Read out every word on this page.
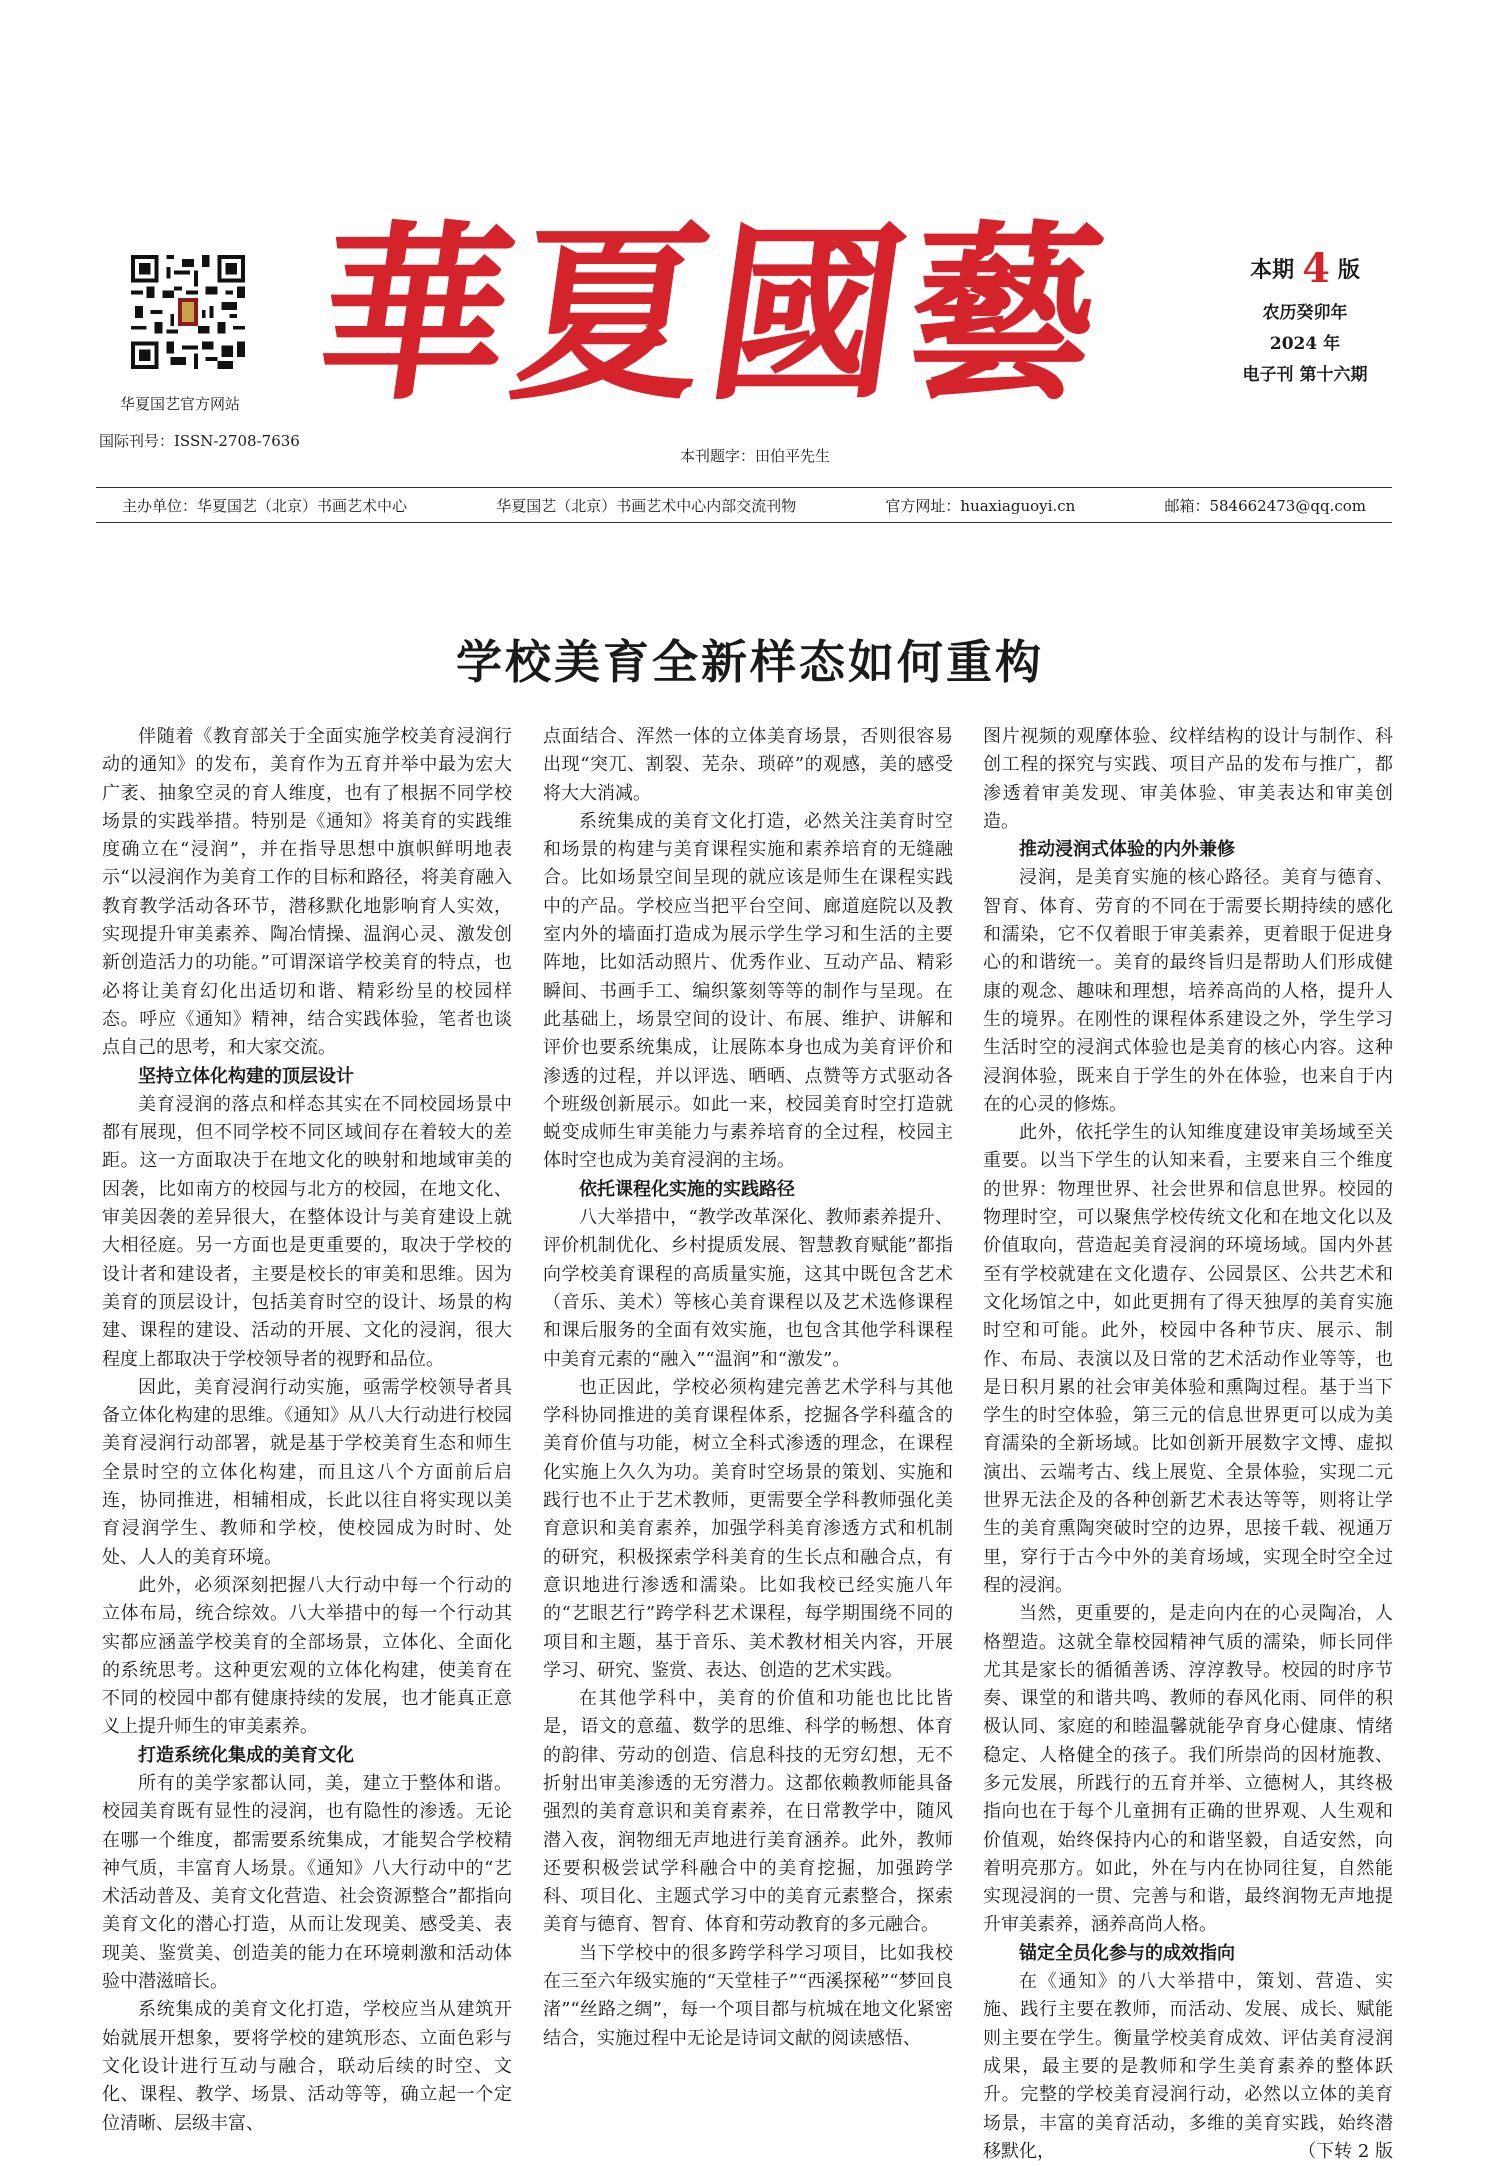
华夏国艺官方网站
国际刊号：ISSN-2708-7636
華夏國藝
本刊题字：田伯平先生
本期 4 版
农历癸卯年
2024 年
电子刊 第十六期
主办单位：华夏国艺（北京）书画艺术中心	华夏国艺（北京）书画艺术中心内部交流刊物	官方网址：huaxiaguoyi.cn	邮箱：584662473@qq.com
学校美育全新样态如何重构

伴随着《教育部关于全面实施学校美育浸润行动的通知》的发布，美育作为五育并举中最为宏大广袤、抽象空灵的育人维度，也有了根据不同学校场景的实践举措。特别是《通知》将美育的实践维度确立在“浸润”，并在指导思想中旗帜鲜明地表示“以浸润作为美育工作的目标和路径，将美育融入教育教学活动各环节，潜移默化地影响育人实效，实现提升审美素养、陶冶情操、温润心灵、激发创新创造活力的功能。”可谓深谙学校美育的特点，也必将让美育幻化出适切和谐、精彩纷呈的校园样态。呼应《通知》精神，结合实践体验，笔者也谈点自己的思考，和大家交流。

坚持立体化构建的顶层设计

美育浸润的落点和样态其实在不同校园场景中都有展现，但不同学校不同区域间存在着较大的差距。这一方面取决于在地文化的映射和地域审美的因袭，比如南方的校园与北方的校园，在地文化、审美因袭的差异很大，在整体设计与美育建设上就大相径庭。另一方面也是更重要的，取决于学校的设计者和建设者，主要是校长的审美和思维。因为美育的顶层设计，包括美育时空的设计、场景的构建、课程的建设、活动的开展、文化的浸润，很大程度上都取决于学校领导者的视野和品位。

因此，美育浸润行动实施，亟需学校领导者具备立体化构建的思维。《通知》从八大行动进行校园美育浸润行动部署，就是基于学校美育生态和师生全景时空的立体化构建，而且这八个方面前后启连，协同推进，相辅相成，长此以往自将实现以美育浸润学生、教师和学校，使校园成为时时、处处、人人的美育环境。

此外，必须深刻把握八大行动中每一个行动的立体布局，统合综效。八大举措中的每一个行动其实都应涵盖学校美育的全部场景，立体化、全面化的系统思考。这种更宏观的立体化构建，使美育在不同的校园中都有健康持续的发展，也才能真正意义上提升师生的审美素养。

打造系统化集成的美育文化

所有的美学家都认同，美，建立于整体和谐。校园美育既有显性的浸润，也有隐性的渗透。无论在哪一个维度，都需要系统集成，才能契合学校精神气质，丰富育人场景。《通知》八大行动中的“艺术活动普及、美育文化营造、社会资源整合”都指向美育文化的潜心打造，从而让发现美、感受美、表现美、鉴赏美、创造美的能力在环境刺激和活动体验中潜滋暗长。

系统集成的美育文化打造，学校应当从建筑开始就展开想象，要将学校的建筑形态、立面色彩与文化设计进行互动与融合，联动后续的时空、文化、课程、教学、场景、活动等等，确立起一个定位清晰、层级丰富、

点面结合、浑然一体的立体美育场景，否则很容易出现“突兀、割裂、芜杂、琐碎”的观感，美的感受将大大消减。

系统集成的美育文化打造，必然关注美育时空和场景的构建与美育课程实施和素养培育的无缝融合。比如场景空间呈现的就应该是师生在课程实践中的产品。学校应当把平台空间、廊道庭院以及教室内外的墙面打造成为展示学生学习和生活的主要阵地，比如活动照片、优秀作业、互动产品、精彩瞬间、书画手工、编织篆刻等等的制作与呈现。在此基础上，场景空间的设计、布展、维护、讲解和评价也要系统集成，让展陈本身也成为美育评价和渗透的过程，并以评选、晒晒、点赞等方式驱动各个班级创新展示。如此一来，校园美育时空打造就蜕变成师生审美能力与素养培育的全过程，校园主体时空也成为美育浸润的主场。

依托课程化实施的实践路径

八大举措中，“教学改革深化、教师素养提升、评价机制优化、乡村提质发展、智慧教育赋能”都指向学校美育课程的高质量实施，这其中既包含艺术（音乐、美术）等核心美育课程以及艺术选修课程和课后服务的全面有效实施，也包含其他学科课程中美育元素的“融入”“温润”和“激发”。

也正因此，学校必须构建完善艺术学科与其他学科协同推进的美育课程体系，挖掘各学科蕴含的美育价值与功能，树立全科式渗透的理念，在课程化实施上久久为功。美育时空场景的策划、实施和践行也不止于艺术教师，更需要全学科教师强化美育意识和美育素养，加强学科美育渗透方式和机制的研究，积极探索学科美育的生长点和融合点，有意识地进行渗透和濡染。比如我校已经实施八年的“艺眼艺行”跨学科艺术课程，每学期围绕不同的项目和主题，基于音乐、美术教材相关内容，开展学习、研究、鉴赏、表达、创造的艺术实践。

在其他学科中，美育的价值和功能也比比皆是，语文的意蕴、数学的思维、科学的畅想、体育的韵律、劳动的创造、信息科技的无穷幻想，无不折射出审美渗透的无穷潜力。这都依赖教师能具备强烈的美育意识和美育素养，在日常教学中，随风潜入夜，润物细无声地进行美育涵养。此外，教师还要积极尝试学科融合中的美育挖掘，加强跨学科、项目化、主题式学习中的美育元素整合，探索美育与德育、智育、体育和劳动教育的多元融合。

当下学校中的很多跨学科学习项目，比如我校在三至六年级实施的“天堂桂子”“西溪探秘”“梦回良渚”“丝路之绸”，每一个项目都与杭城在地文化紧密结合，实施过程中无论是诗词文献的阅读感悟、

图片视频的观摩体验、纹样结构的设计与制作、科创工程的探究与实践、项目产品的发布与推广，都渗透着审美发现、审美体验、审美表达和审美创造。

推动浸润式体验的内外兼修

浸润，是美育实施的核心路径。美育与德育、智育、体育、劳育的不同在于需要长期持续的感化和濡染，它不仅着眼于审美素养，更着眼于促进身心的和谐统一。美育的最终旨归是帮助人们形成健康的观念、趣味和理想，培养高尚的人格，提升人生的境界。在刚性的课程体系建设之外，学生学习生活时空的浸润式体验也是美育的核心内容。这种浸润体验，既来自于学生的外在体验，也来自于内在的心灵的修炼。

此外，依托学生的认知维度建设审美场域至关重要。以当下学生的认知来看，主要来自三个维度的世界：物理世界、社会世界和信息世界。校园的物理时空，可以聚焦学校传统文化和在地文化以及价值取向，营造起美育浸润的环境场域。国内外甚至有学校就建在文化遗存、公园景区、公共艺术和文化场馆之中，如此更拥有了得天独厚的美育实施时空和可能。此外，校园中各种节庆、展示、制作、布局、表演以及日常的艺术活动作业等等，也是日积月累的社会审美体验和熏陶过程。基于当下学生的时空体验，第三元的信息世界更可以成为美育濡染的全新场域。比如创新开展数字文博、虚拟演出、云端考古、线上展览、全景体验，实现二元世界无法企及的各种创新艺术表达等等，则将让学生的美育熏陶突破时空的边界，思接千载、视通万里，穿行于古今中外的美育场域，实现全时空全过程的浸润。

当然，更重要的，是走向内在的心灵陶冶，人格塑造。这就全靠校园精神气质的濡染，师长同伴尤其是家长的循循善诱、淳淳教导。校园的时序节奏、课堂的和谐共鸣、教师的春风化雨、同伴的积极认同、家庭的和睦温馨就能孕育身心健康、情绪稳定、人格健全的孩子。我们所崇尚的因材施教、多元发展，所践行的五育并举、立德树人，其终极指向也在于每个儿童拥有正确的世界观、人生观和价值观，始终保持内心的和谐坚毅，自适安然，向着明亮那方。如此，外在与内在协同往复，自然能实现浸润的一贯、完善与和谐，最终润物无声地提升审美素养，涵养高尚人格。

锚定全员化参与的成效指向

在《通知》的八大举措中，策划、营造、实施、践行主要在教师，而活动、发展、成长、赋能则主要在学生。衡量学校美育成效、评估美育浸润成果，最主要的是教师和学生美育素养的整体跃升。完整的学校美育浸润行动，必然以立体的美育场景，丰富的美育活动，多维的美育实践，始终潜移默化，	（下转 2 版
